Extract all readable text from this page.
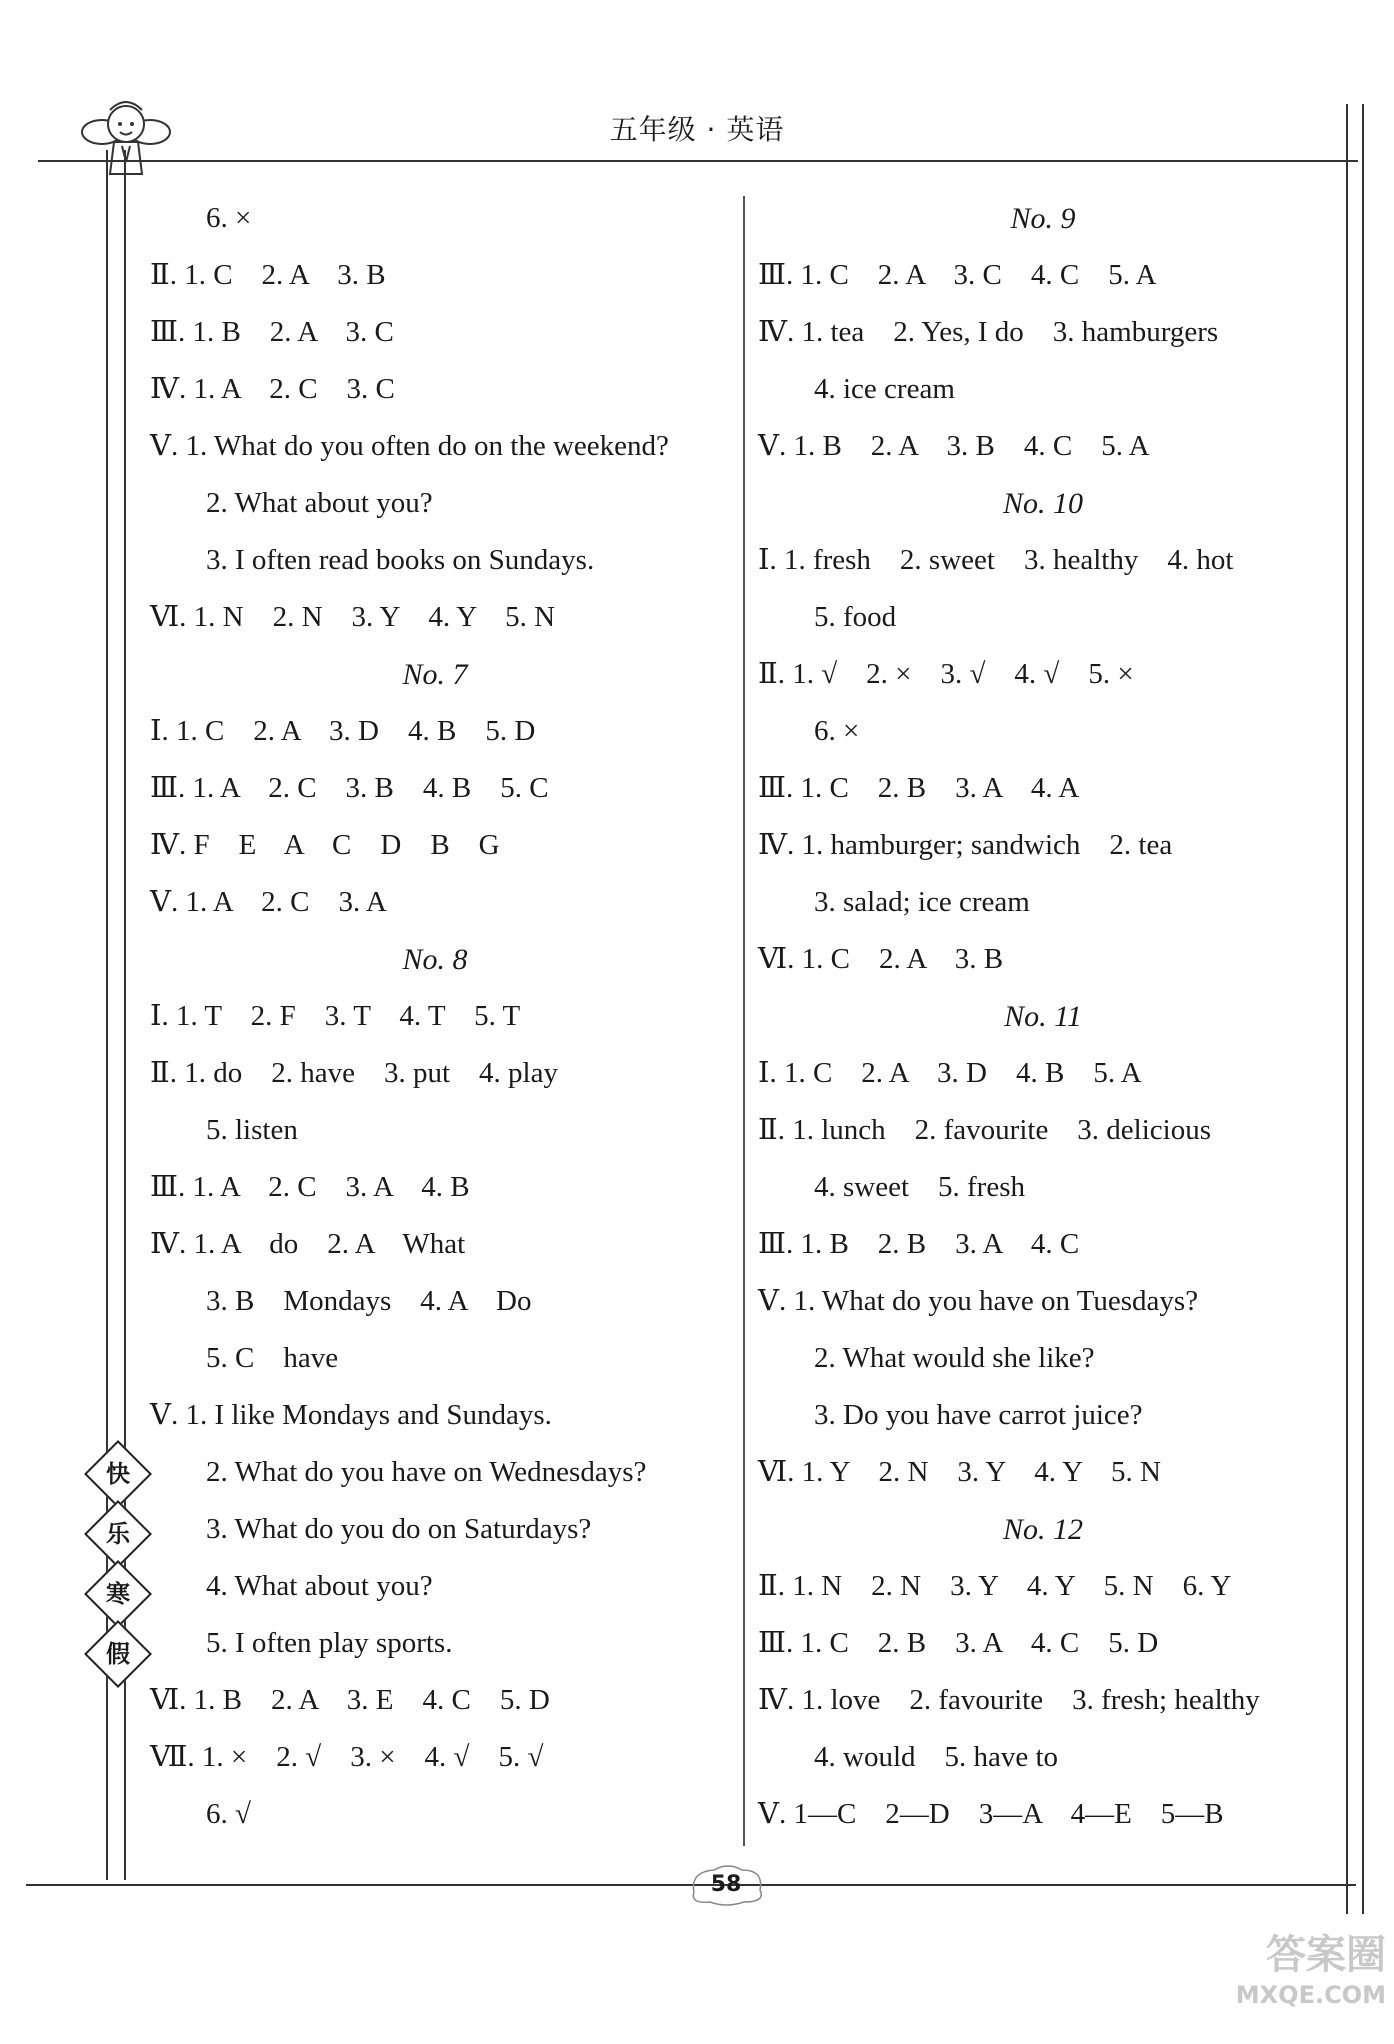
五年级 · 英语
6. ×
Ⅱ. 1. C    2. A    3. B
Ⅲ. 1. B    2. A    3. C
Ⅳ. 1. A    2. C    3. C
Ⅴ. 1. What do you often do on the weekend?
2. What about you?
3. I often read books on Sundays.
Ⅵ. 1. N    2. N    3. Y    4. Y    5. N
No. 7
Ⅰ. 1. C    2. A    3. D    4. B    5. D
Ⅲ. 1. A    2. C    3. B    4. B    5. C
Ⅳ. F    E    A    C    D    B    G
Ⅴ. 1. A    2. C    3. A
No. 8
Ⅰ. 1. T    2. F    3. T    4. T    5. T
Ⅱ. 1. do    2. have    3. put    4. play
5. listen
Ⅲ. 1. A    2. C    3. A    4. B
Ⅳ. 1. A    do    2. A    What
3. B    Mondays    4. A    Do
5. C    have
Ⅴ. 1. I like Mondays and Sundays.
2. What do you have on Wednesdays?
3. What do you do on Saturdays?
4. What about you?
5. I often play sports.
Ⅵ. 1. B    2. A    3. E    4. C    5. D
Ⅶ. 1. ×    2. √    3. ×    4. √    5. √
6. √
No. 9
Ⅲ. 1. C    2. A    3. C    4. C    5. A
Ⅳ. 1. tea    2. Yes, I do    3. hamburgers
4. ice cream
Ⅴ. 1. B    2. A    3. B    4. C    5. A
No. 10
Ⅰ. 1. fresh    2. sweet    3. healthy    4. hot
5. food
Ⅱ. 1. √    2. ×    3. √    4. √    5. ×
6. ×
Ⅲ. 1. C    2. B    3. A    4. A
Ⅳ. 1. hamburger; sandwich    2. tea
3. salad; ice cream
Ⅵ. 1. C    2. A    3. B
No. 11
Ⅰ. 1. C    2. A    3. D    4. B    5. A
Ⅱ. 1. lunch    2. favourite    3. delicious
4. sweet    5. fresh
Ⅲ. 1. B    2. B    3. A    4. C
Ⅴ. 1. What do you have on Tuesdays?
2. What would she like?
3. Do you have carrot juice?
Ⅵ. 1. Y    2. N    3. Y    4. Y    5. N
No. 12
Ⅱ. 1. N    2. N    3. Y    4. Y    5. N    6. Y
Ⅲ. 1. C    2. B    3. A    4. C    5. D
Ⅳ. 1. love    2. favourite    3. fresh; healthy
4. would    5. have to
Ⅴ. 1—C    2—D    3—A    4—E    5—B
快
乐
寒
假
58
答案圈
MXQE.COM
